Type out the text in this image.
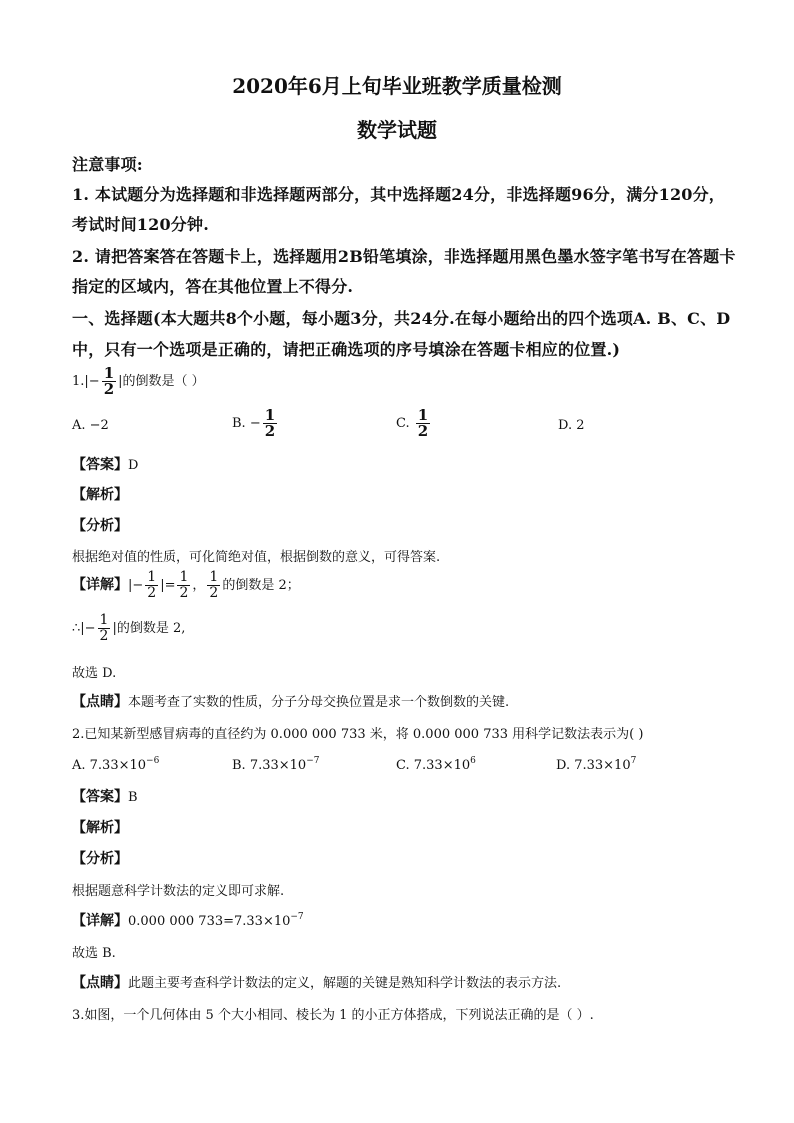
2020年6月上旬毕业班教学质量检测
数学试题
注意事项:
1. 本试题分为选择题和非选择题两部分，其中选择题24分，非选择题96分，满分120分，
考试时间120分钟.
2. 请把答案答在答题卡上，选择题用2B铅笔填涂，非选择题用黑色墨水签字笔书写在答题卡
指定的区域内，答在其他位置上不得分.
一、选择题(本大题共8个小题，每小题3分，共24分.在每小题给出的四个选项A. B、C、D
中，只有一个选项是正确的，请把正确选项的序号填涂在答题卡相应的位置.)
$1.|- \frac{1}{2}$ |的倒数是（ ）
A. −2	B. − $\frac{1}{2}$	C. $\frac{1}{2}$	D. 2
【答案】D
【解析】
【分析】
根据绝对值的性质，可化简绝对值，根据倒数的意义，可得答案.
【详解】|− $\frac{1}{2}$ |= $\frac{1}{2}$ ， $\frac{1}{2}$ 的倒数是 2；
∴|− $\frac{1}{2}$ |的倒数是 2,
故选 D.
【点睛】本题考查了实数的性质，分子分母交换位置是求一个数倒数的关键.
2.已知某新型感冒病毒的直径约为 0.000 000 733 米，将 0.000 000 733 用科学记数法表示为( )
A. $7.33\times 10^{-6}$	B. $7.33\times 10^{-7}$	C. $7.33\times 10^6$	D. $7.33\times 10^7$
【答案】B
【解析】
【分析】
根据题意科学计数法的定义即可求解.
【详解】0.000 000 $733=7.33\times 10^{-7}$
故选 B.
【点睛】此题主要考查科学计数法的定义，解题的关键是熟知科学计数法的表示方法.
3.如图，一个几何体由 5 个大小相同、棱长为 1 的小正方体搭成，下列说法正确的是（ ）.
